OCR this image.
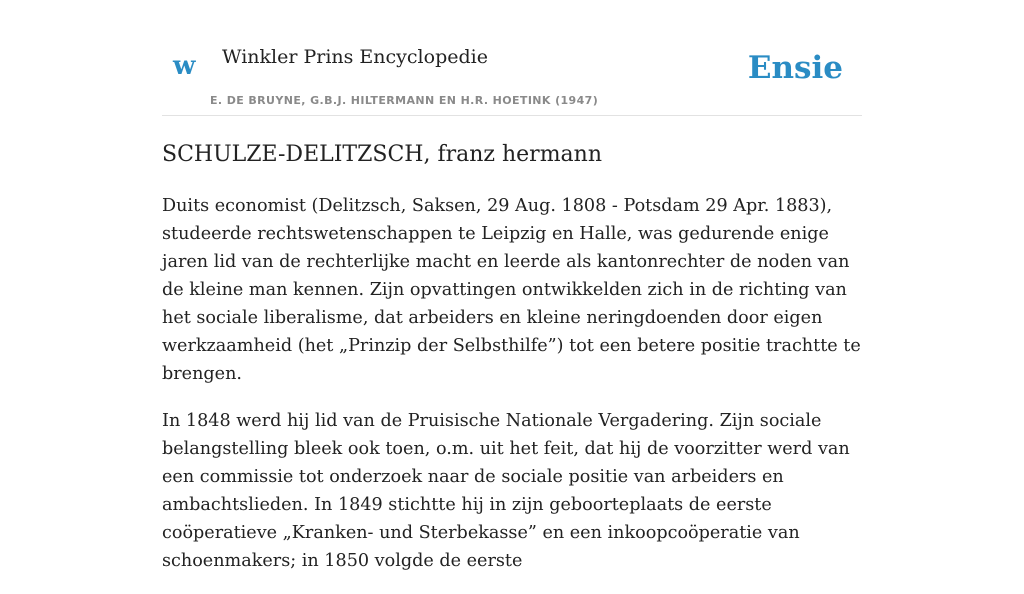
w Winkler Prins Encyclopedie
E. DE BRUYNE, G.B.J. HILTERMANN EN H.R. HOETINK (1947)
Ensie
SCHULZE-DELITZSCH, franz hermann

Duits economist (Delitzsch, Saksen, 29 Aug. 1808 - Potsdam 29 Apr. 1883), studeerde rechtswetenschappen te Leipzig en Halle, was gedurende enige jaren lid van de rechterlijke macht en leerde als kantonrechter de noden van de kleine man kennen. Zijn opvattingen ontwikkelden zich in de richting van het sociale liberalisme, dat arbeiders en kleine neringdoenden door eigen werkzaamheid (het „Prinzip der Selbsthilfe”) tot een betere positie trachtte te brengen.

In 1848 werd hij lid van de Pruisische Nationale Vergadering. Zijn sociale belangstelling bleek ook toen, o.m. uit het feit, dat hij de voorzitter werd van een commissie tot onderzoek naar de sociale positie van arbeiders en ambachtslieden. In 1849 stichtte hij in zijn geboorteplaats de eerste coöperatieve „Kranken- und Sterbekasse” en een inkoopcoöperatie van schoenmakers; in 1850 volgde de eerste
